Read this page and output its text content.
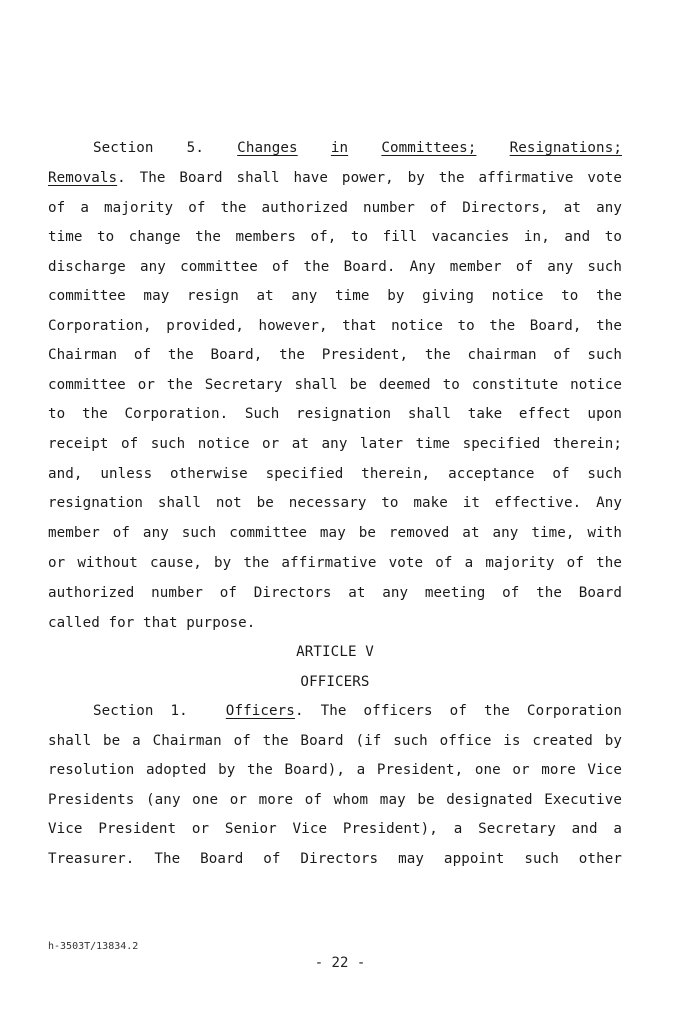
Section 5. Changes in Committees; Resignations;
Removals. The Board shall have power, by the affirmative vote
of a majority of the authorized number of Directors, at any
time to change the members of, to fill vacancies in, and to
discharge any committee of the Board. Any member of any such
committee may resign at any time by giving notice to the
Corporation, provided, however, that notice to the Board, the
Chairman of the Board, the President, the chairman of such
committee or the Secretary shall be deemed to constitute notice
to the Corporation. Such resignation shall take effect upon
receipt of such notice or at any later time specified therein;
and, unless otherwise specified therein, acceptance of such
resignation shall not be necessary to make it effective. Any
member of any such committee may be removed at any time, with
or without cause, by the affirmative vote of a majority of the
authorized number of Directors at any meeting of the Board
called for that purpose.
ARTICLE V
OFFICERS
Section 1.	Officers. The officers of the Corporation
shall be a Chairman of the Board (if such office is created by
resolution adopted by the Board), a President, one or more Vice
Presidents (any one or more of whom may be designated Executive
Vice President or Senior Vice President), a Secretary and a
Treasurer. The Board of Directors may appoint such other
h-3503T/13834.2
- 22 -
